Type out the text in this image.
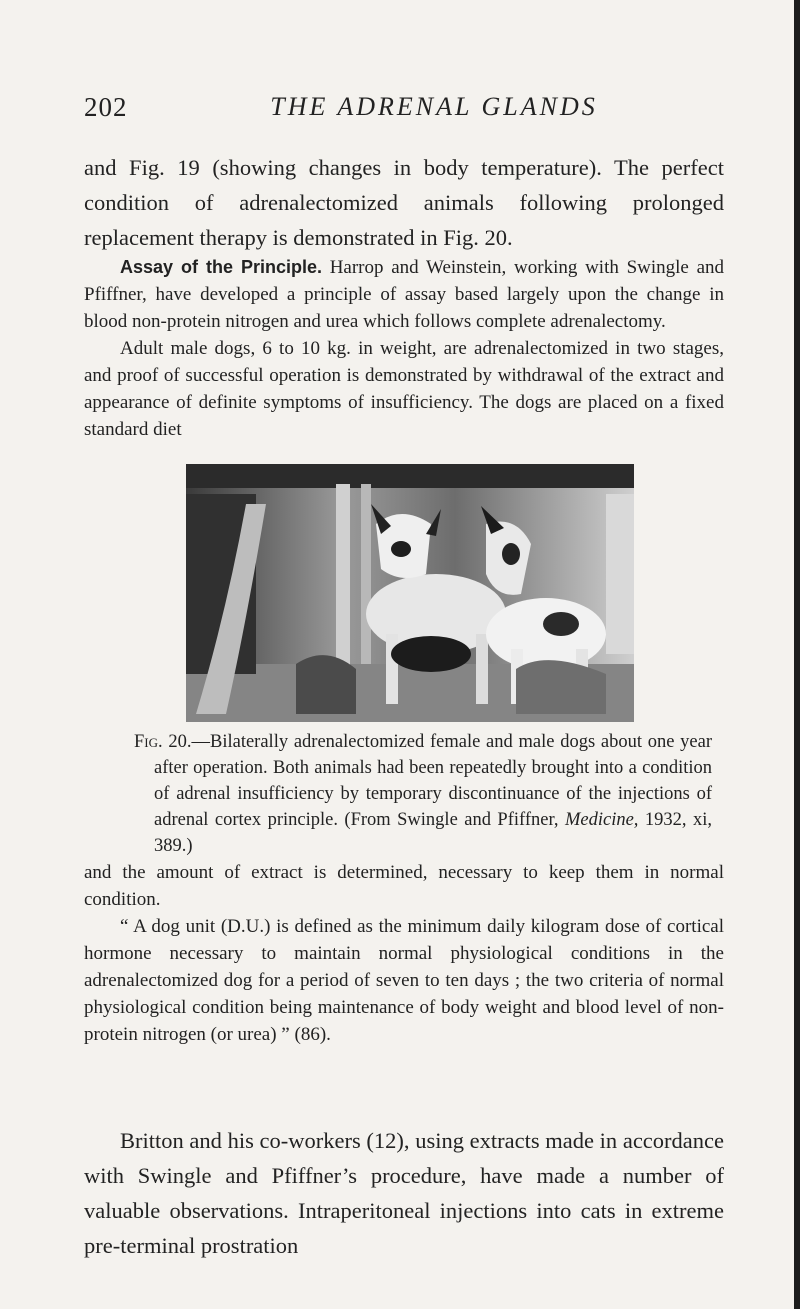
202	THE ADRENAL GLANDS

and Fig. 19 (showing changes in body temperature). The perfect condition of adrenalectomized animals following prolonged replacement therapy is demonstrated in Fig. 20.

Assay of the Principle. Harrop and Weinstein, working with Swingle and Pfiffner, have developed a principle of assay based largely upon the change in blood non-protein nitrogen and urea which follows complete adrenalectomy.

Adult male dogs, 6 to 10 kg. in weight, are adrenalectomized in two stages, and proof of successful operation is demonstrated by withdrawal of the extract and appearance of definite symptoms of insufficiency. The dogs are placed on a fixed standard diet

Fig. 20.—Bilaterally adrenalectomized female and male dogs about one year after operation. Both animals had been repeatedly brought into a condition of adrenal insufficiency by temporary discontinuance of the injections of adrenal cortex principle. (From Swingle and Pfiffner, Medicine, 1932, xi, 389.)

and the amount of extract is determined, necessary to keep them in normal condition.

“ A dog unit (D.U.) is defined as the minimum daily kilogram dose of cortical hormone necessary to maintain normal physiological conditions in the adrenalectomized dog for a period of seven to ten days ; the two criteria of normal physiological condition being maintenance of body weight and blood level of non-protein nitrogen (or urea) ” (86).

Britton and his co-workers (12), using extracts made in accordance with Swingle and Pfiffner’s procedure, have made a number of valuable observations. Intraperitoneal injections into cats in extreme pre-terminal prostration
